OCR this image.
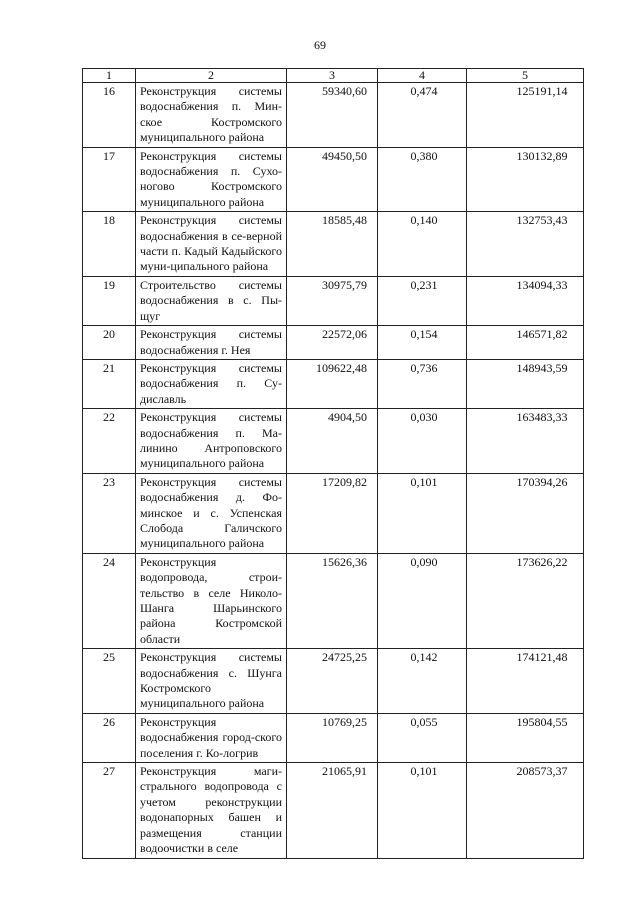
69
1	2	3	4	5
16	Реконструкция системы водоснабжения п. Мин-ское Костромского муниципального района	59340,60	0,474	125191,14
17	Реконструкция системы водоснабжения п. Сухо-ногово Костромского муниципального района	49450,50	0,380	130132,89
18	Реконструкция системы водоснабжения в се-верной части п. Кадый Кадыйского муни-ципального района	18585,48	0,140	132753,43
19	Строительство системы водоснабжения в с. Пы-щуг	30975,79	0,231	134094,33
20	Реконструкция системы водоснабжения г. Нея	22572,06	0,154	146571,82
21	Реконструкция системы водоснабжения п. Су-диславль	109622,48	0,736	148943,59
22	Реконструкция системы водоснабжения п. Ма-линино Антроповского муниципального района	4904,50	0,030	163483,33
23	Реконструкция системы водоснабжения д. Фо-минское и с. Успенская Слобода Галичского муниципального района	17209,82	0,101	170394,26
24	Реконструкция водопровода, строи-тельство в селе Николо-Шанга Шарьинского района Костромской области	15626,36	0,090	173626,22
25	Реконструкция системы водоснабжения с. Шунга Костромского муниципального района	24725,25	0,142	174121,48
26	Реконструкция водоснабжения город-ского поселения г. Ко-логрив	10769,25	0,055	195804,55
27	Реконструкция маги-стрального водопровода с учетом реконструкции водонапорных башен и размещения станции водоочистки в селе	21065,91	0,101	208573,37
